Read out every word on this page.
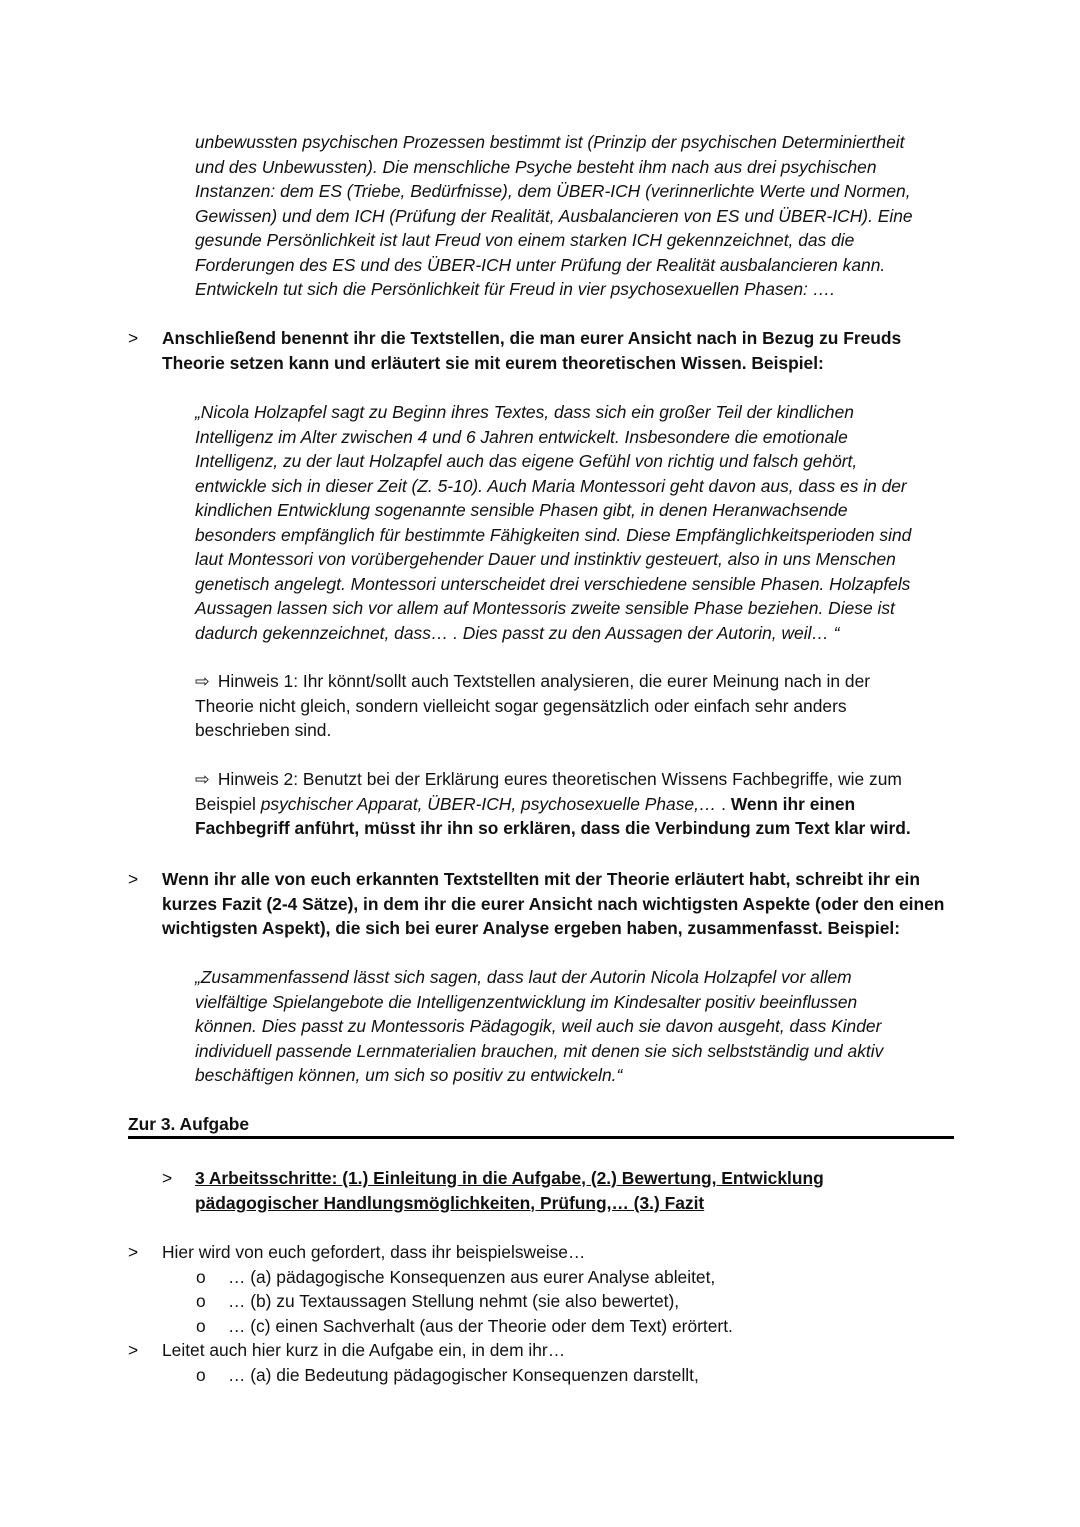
unbewussten psychischen Prozessen bestimmt ist (Prinzip der psychischen Determiniertheit
und des Unbewussten). Die menschliche Psyche besteht ihm nach aus drei psychischen
Instanzen: dem ES (Triebe, Bedürfnisse), dem ÜBER-ICH (verinnerlichte Werte und Normen,
Gewissen) und dem ICH (Prüfung der Realität, Ausbalancieren von ES und ÜBER-ICH). Eine
gesunde Persönlichkeit ist laut Freud von einem starken ICH gekennzeichnet, das die
Forderungen des ES und des ÜBER-ICH unter Prüfung der Realität ausbalancieren kann.
Entwickeln tut sich die Persönlichkeit für Freud in vier psychosexuellen Phasen: ….
> Anschließend benennt ihr die Textstellen, die man eurer Ansicht nach in Bezug zu Freuds
Theorie setzen kann und erläutert sie mit eurem theoretischen Wissen. Beispiel:
„Nicola Holzapfel sagt zu Beginn ihres Textes, dass sich ein großer Teil der kindlichen
Intelligenz im Alter zwischen 4 und 6 Jahren entwickelt. Insbesondere die emotionale
Intelligenz, zu der laut Holzapfel auch das eigene Gefühl von richtig und falsch gehört,
entwickle sich in dieser Zeit (Z. 5-10). Auch Maria Montessori geht davon aus, dass es in der
kindlichen Entwicklung sogenannte sensible Phasen gibt, in denen Heranwachsende
besonders empfänglich für bestimmte Fähigkeiten sind. Diese Empfänglichkeitsperioden sind
laut Montessori von vorübergehender Dauer und instinktiv gesteuert, also in uns Menschen
genetisch angelegt. Montessori unterscheidet drei verschiedene sensible Phasen. Holzapfels
Aussagen lassen sich vor allem auf Montessoris zweite sensible Phase beziehen. Diese ist
dadurch gekennzeichnet, dass… . Dies passt zu den Aussagen der Autorin, weil… “
⇨ Hinweis 1: Ihr könnt/sollt auch Textstellen analysieren, die eurer Meinung nach in der
Theorie nicht gleich, sondern vielleicht sogar gegensätzlich oder einfach sehr anders
beschrieben sind.
⇨ Hinweis 2: Benutzt bei der Erklärung eures theoretischen Wissens Fachbegriffe, wie zum
Beispiel psychischer Apparat, ÜBER-ICH, psychosexuelle Phase,… . Wenn ihr einen
Fachbegriff anführt, müsst ihr ihn so erklären, dass die Verbindung zum Text klar wird.
> Wenn ihr alle von euch erkannten Textstellten mit der Theorie erläutert habt, schreibt ihr ein
kurzes Fazit (2-4 Sätze), in dem ihr die eurer Ansicht nach wichtigsten Aspekte (oder den einen
wichtigsten Aspekt), die sich bei eurer Analyse ergeben haben, zusammenfasst. Beispiel:
„Zusammenfassend lässt sich sagen, dass laut der Autorin Nicola Holzapfel vor allem
vielfältige Spielangebote die Intelligenzentwicklung im Kindesalter positiv beeinflussen
können. Dies passt zu Montessoris Pädagogik, weil auch sie davon ausgeht, dass Kinder
individuell passende Lernmaterialien brauchen, mit denen sie sich selbstständig und aktiv
beschäftigen können, um sich so positiv zu entwickeln.“
Zur 3. Aufgabe
> 3 Arbeitsschritte: (1.) Einleitung in die Aufgabe, (2.) Bewertung, Entwicklung
pädagogischer Handlungsmöglichkeiten, Prüfung,… (3.) Fazit
> Hier wird von euch gefordert, dass ihr beispielsweise…
o … (a) pädagogische Konsequenzen aus eurer Analyse ableitet,
o … (b) zu Textaussagen Stellung nehmt (sie also bewertet),
o … (c) einen Sachverhalt (aus der Theorie oder dem Text) erörtert.
> Leitet auch hier kurz in die Aufgabe ein, in dem ihr…
o … (a) die Bedeutung pädagogischer Konsequenzen darstellt,
